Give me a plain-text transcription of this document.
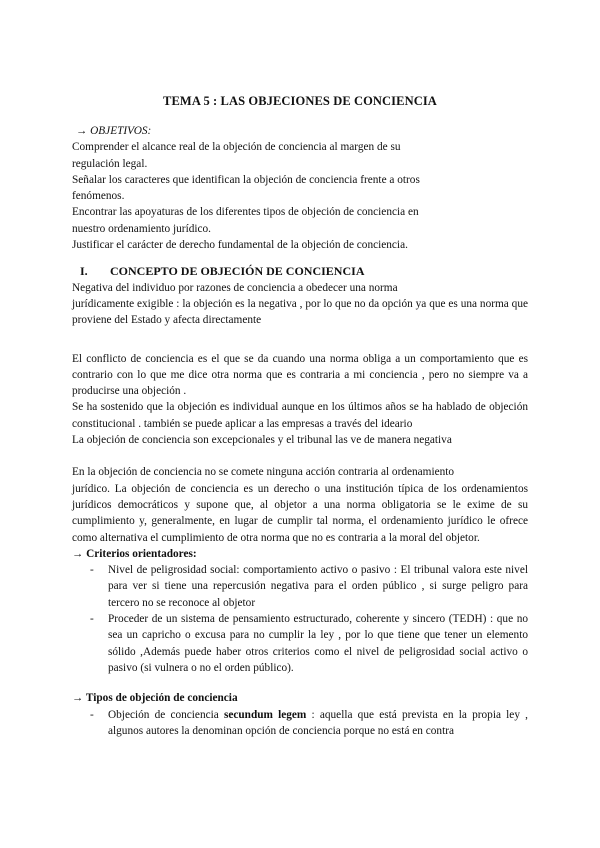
TEMA 5 : LAS OBJECIONES DE CONCIENCIA

→ OBJETIVOS:

Comprender el alcance real de la objeción de conciencia al margen de su

regulación legal.

Señalar los caracteres que identifican la objeción de conciencia frente a otros

fenómenos.

Encontrar las apoyaturas de los diferentes tipos de objeción de conciencia en

nuestro ordenamiento jurídico.

Justificar el carácter de derecho fundamental de la objeción de conciencia.

I. CONCEPTO DE OBJECIÓN DE CONCIENCIA

Negativa del individuo por razones de conciencia a obedecer una norma

jurídicamente exigible : la objeción es la negativa , por lo que no da opción ya que es una norma que proviene del Estado y afecta directamente

El conflicto de conciencia es el que se da cuando una norma obliga a un comportamiento que es contrario con lo que me dice otra norma que es contraria a mi conciencia , pero no siempre va a producirse una objeción .

Se ha sostenido que la objeción es individual aunque en los últimos años se ha hablado de objeción constitucional . también se puede aplicar a las empresas a través del ideario

La objeción de conciencia son excepcionales y el tribunal las ve de manera negativa

En la objeción de conciencia no se comete ninguna acción contraria al ordenamiento

jurídico. La objeción de conciencia es un derecho o una institución típica de los ordenamientos jurídicos democráticos y supone que, al objetor a una norma obligatoria se le exime de su cumplimiento y, generalmente, en lugar de cumplir tal norma, el ordenamiento jurídico le ofrece como alternativa el cumplimiento de otra norma que no es contraria a la moral del objetor.

→ Criterios orientadores:

- Nivel de peligrosidad social: comportamiento activo o pasivo : El tribunal valora este nivel para ver si tiene una repercusión negativa para el orden público , si surge peligro para tercero no se reconoce al objetor
- Proceder de un sistema de pensamiento estructurado, coherente y sincero (TEDH) : que no sea un capricho o excusa para no cumplir la ley , por lo que tiene que tener un elemento sólido ,Además puede haber otros criterios como el nivel de peligrosidad social activo o pasivo (si vulnera o no el orden público).

→ Tipos de objeción de conciencia

- Objeción de conciencia secundum legem : aquella que está prevista en la propia ley , algunos autores la denominan opción de conciencia porque no está en contra
